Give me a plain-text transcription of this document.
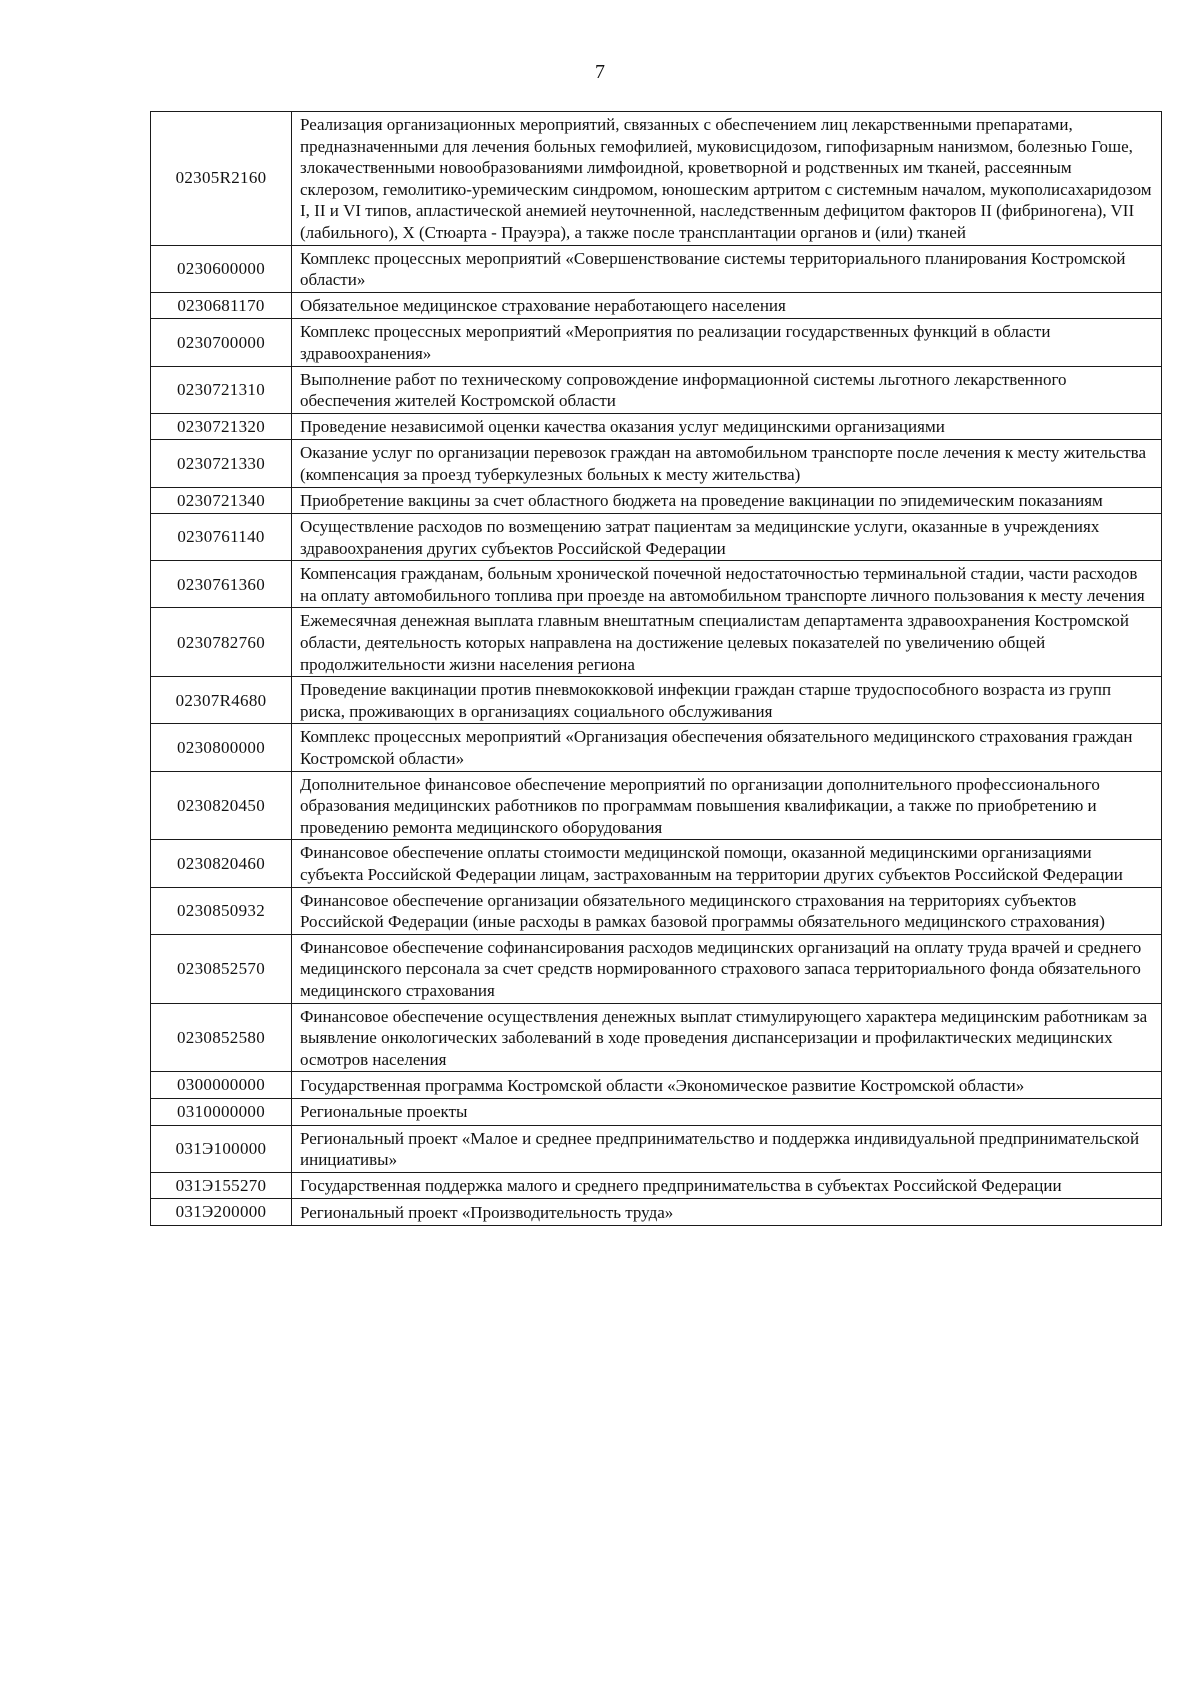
7
02305R2160	Реализация организационных мероприятий, связанных с обеспечением лиц лекарственными препаратами, предназначенными для лечения больных гемофилией, муковисцидозом, гипофизарным нанизмом, болезнью Гоше, злокачественными новообразованиями лимфоидной, кроветворной и родственных им тканей, рассеянным склерозом, гемолитико-уремическим синдромом, юношеским артритом с системным началом, мукополисахаридозом I, II и VI типов, апластической анемией неуточненной, наследственным дефицитом факторов II (фибриногена), VII (лабильного), X (Стюарта - Прауэра), а также после трансплантации органов и (или) тканей
0230600000	Комплекс процессных мероприятий «Совершенствование системы территориального планирования Костромской области»
0230681170	Обязательное медицинское страхование неработающего населения
0230700000	Комплекс процессных мероприятий «Мероприятия по реализации государственных функций в области здравоохранения»
0230721310	Выполнение работ по техническому сопровождение информационной системы льготного лекарственного обеспечения жителей Костромской области
0230721320	Проведение независимой оценки качества оказания услуг медицинскими организациями
0230721330	Оказание услуг по организации перевозок граждан на автомобильном транспорте после лечения к месту жительства (компенсация за проезд туберкулезных больных к месту жительства)
0230721340	Приобретение вакцины за счет областного бюджета на проведение вакцинации по эпидемическим показаниям
0230761140	Осуществление расходов по возмещению затрат пациентам за медицинские услуги, оказанные в учреждениях здравоохранения других субъектов Российской Федерации
0230761360	Компенсация гражданам, больным хронической почечной недостаточностью терминальной стадии, части расходов на оплату автомобильного топлива при проезде на автомобильном транспорте личного пользования к месту лечения
0230782760	Ежемесячная денежная выплата главным внештатным специалистам департамента здравоохранения Костромской области, деятельность которых направлена на достижение целевых показателей по увеличению общей продолжительности жизни населения региона
02307R4680	Проведение вакцинации против пневмококковой инфекции граждан старше трудоспособного возраста из групп риска, проживающих в организациях социального обслуживания
0230800000	Комплекс процессных мероприятий «Организация обеспечения обязательного медицинского страхования граждан Костромской области»
0230820450	Дополнительное финансовое обеспечение мероприятий по организации дополнительного профессионального образования медицинских работников по программам повышения квалификации, а также по приобретению и проведению ремонта медицинского оборудования
0230820460	Финансовое обеспечение оплаты стоимости медицинской помощи, оказанной медицинскими организациями субъекта Российской Федерации лицам, застрахованным на территории других субъектов Российской Федерации
0230850932	Финансовое обеспечение организации обязательного медицинского страхования на территориях субъектов Российской Федерации (иные расходы в рамках базовой программы обязательного медицинского страхования)
0230852570	Финансовое обеспечение софинансирования расходов медицинских организаций на оплату труда врачей и среднего медицинского персонала за счет средств нормированного страхового запаса территориального фонда обязательного медицинского страхования
0230852580	Финансовое обеспечение осуществления денежных выплат стимулирующего характера медицинским работникам за выявление онкологических заболеваний в ходе проведения диспансеризации и профилактических медицинских осмотров населения
0300000000	Государственная программа Костромской области «Экономическое развитие Костромской области»
0310000000	Региональные проекты
031Э100000	Региональный проект «Малое и среднее предпринимательство и поддержка индивидуальной предпринимательской инициативы»
031Э155270	Государственная поддержка малого и среднего предпринимательства в субъектах Российской Федерации
031Э200000	Региональный проект «Производительность труда»
